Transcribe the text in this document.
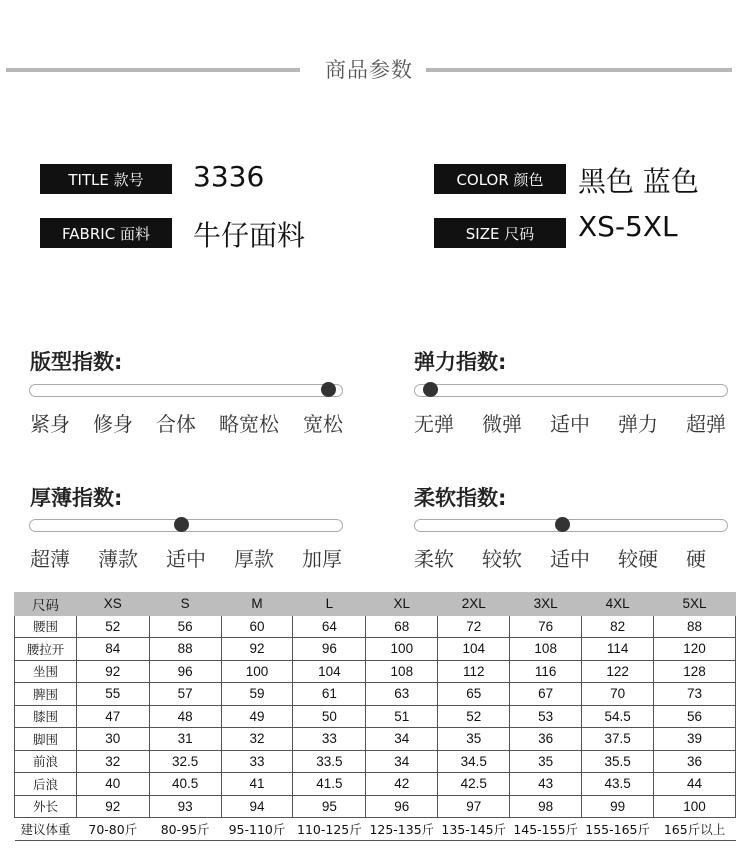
商品参数
TITLE 款号	3336
FABRIC 面料	牛仔面料
COLOR 颜色	黑色 蓝色
SIZE 尺码	XS-5XL
版型指数:
紧身 修身 合体 略宽松 宽松
弹力指数:
无弹 微弹 适中 弹力 超弹
厚薄指数:
超薄 薄款 适中 厚款 加厚
柔软指数:
柔软 较软 适中 较硬 硬
尺码	XS	S	M	L	XL	2XL	3XL	4XL	5XL
腰围	52	56	60	64	68	72	76	82	88
腰拉开	84	88	92	96	100	104	108	114	120
坐围	92	96	100	104	108	112	116	122	128
脾围	55	57	59	61	63	65	67	70	73
膝围	47	48	49	50	51	52	53	54.5	56
脚围	30	31	32	33	34	35	36	37.5	39
前浪	32	32.5	33	33.5	34	34.5	35	35.5	36
后浪	40	40.5	41	41.5	42	42.5	43	43.5	44
外长	92	93	94	95	96	97	98	99	100
建议体重	70-80斤	80-95斤	95-110斤	110-125斤	125-135斤	135-145斤	145-155斤	155-165斤	165斤以上
